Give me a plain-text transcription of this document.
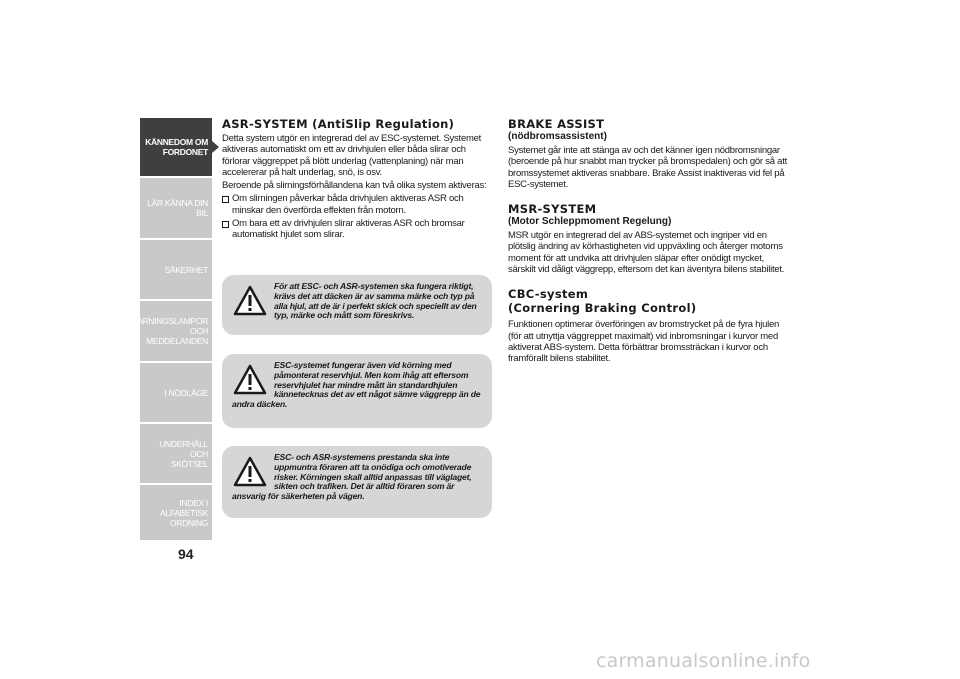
KÄNNEDOM OM
FORDONET
LÄR KÄNNA DIN BIL
SÄKERHET
VARNINGSLAMPOR
OCH MEDDELANDEN
I NÖDLÄGE
UNDERHÅLL OCH
SKÖTSEL
INDEX I ALFABETISK
ORDNING
94
ASR-SYSTEM (AntiSlip Regulation)

Detta system utgör en integrerad del av ESC-systemet. Systemet aktiveras automatiskt om ett av drivhjulen eller båda slirar och förlorar väggreppet på blött underlag (vattenplaning) när man accelererar på halt underlag, snö, is osv.

Beroende på slirningsförhållandena kan två olika system aktiveras:

Om slirningen påverkar båda drivhjulen aktiveras ASR och minskar den överförda effekten från motorn.
Om bara ett av drivhjulen slirar aktiveras ASR och bromsar automatiskt hjulet som slirar.

För att ESC- och ASR-systemen ska fungera riktigt, krävs det att däcken är av samma märke och typ på alla hjul, att de är i perfekt skick och speciellt av den typ, märke och mått som föreskrivs.

ESC-systemet fungerar även vid körning med påmonterat reservhjul. Men kom ihåg att eftersom reservhjulet har mindre mått än standardhjulen kännetecknas det av ett något sämre väggrepp än de andra däcken.

ESC- och ASR-systemens prestanda ska inte uppmuntra föraren att ta onödiga och omotiverade risker. Körningen skall alltid anpassas till väglaget, sikten och trafiken. Det är alltid föraren som är ansvarig för säkerheten på vägen.

BRAKE ASSIST
(nödbromsassistent)

Systemet går inte att stänga av och det känner igen nödbromsningar (beroende på hur snabbt man trycker på bromspedalen) och gör så att bromssystemet aktiveras snabbare. Brake Assist inaktiveras vid fel på ESC-systemet.

MSR-SYSTEM
(Motor Schleppmoment Regelung)

MSR utgör en integrerad del av ABS-systemet och ingriper vid en plötslig ändring av körhastigheten vid uppväxling och återger motorns moment för att undvika att drivhjulen släpar efter onödigt mycket, särskilt vid dåligt väggrepp, eftersom det kan äventyra bilens stabilitet.

CBC-system
(Cornering Braking Control)

Funktionen optimerar överföringen av bromstrycket på de fyra hjulen (för att utnyttja väggreppet maximalt) vid inbromsningar i kurvor med aktiverat ABS-system. Detta förbättrar bromssträckan i kurvor och framförallt bilens stabilitet.

carmanualsonline.info
